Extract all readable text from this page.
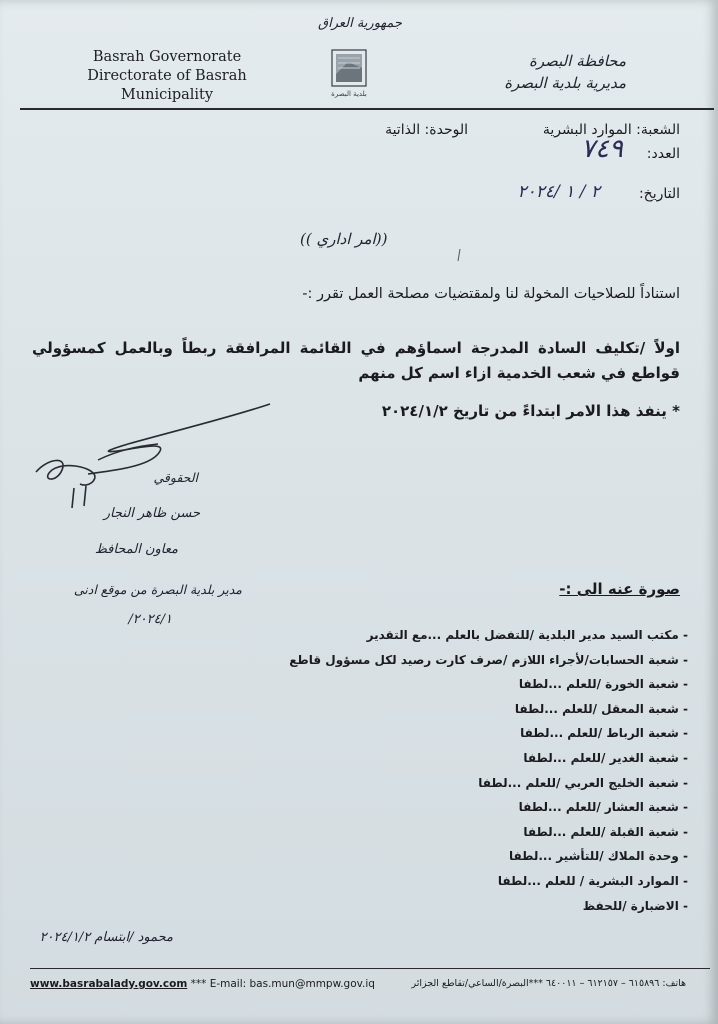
Basrah Governorate
Directorate of Basrah
Municipality
جمهورية العراق
بلدية البصرة
محافظة البصرة
مديرية بلدية البصرة
الشعبة: الموارد البشرية
الوحدة: الذاتية
العدد:
٧٤٩
التاريخ:
٢ / ١ /٢٠٢٤
((امر اداري ))
استناداً للصلاحيات المخولة لنا ولمقتضيات مصلحة العمل تقرر :-
اولاً /تكليف السادة المدرجة اسماؤهم في القائمة المرافقة ربطاً وبالعمل كمسؤولي قواطع في شعب الخدمية ازاء اسم كل منهم
* ينفذ هذا الامر ابتداءً من تاريخ ٢٠٢٤/١/٢
الحقوقي
حسن ظاهر النجار
معاون المحافظ
مدير بلدية البصرة من موقع ادنى
٢٠٢٤/١/
صورة عنه الى :-
- مكتب السيد مدير البلدية /للتفضل بالعلم ...مع التقدير
- شعبة الحسابات/لأجراء اللازم /صرف كارت رصيد لكل مسؤول قاطع
- شعبة الخورة /للعلم ...لطفا
- شعبة المعقل /للعلم ...لطفا
- شعبة الرباط /للعلم ...لطفا
- شعبة الغدير /للعلم ...لطفا
- شعبة الخليج العربي /للعلم ...لطفا
- شعبة العشار /للعلم ...لطفا
- شعبة القبلة /للعلم ...لطفا
- وحدة الملاك /للتأشير ...لطفا
- الموارد البشرية / للعلم ...لطفا
- الاضبارة /للحفظ
محمود /ابتسام ٢٠٢٤/١/٢
www.basrabalady.gov.com *** E-mail: bas.mun@mmpw.gov.iq	هاتف: ٦١٥٨٩٦ – ٦١٢١٥٧ – ٦٤٠٠١١ ***البصرة/الساعي/تقاطع الجزائر
